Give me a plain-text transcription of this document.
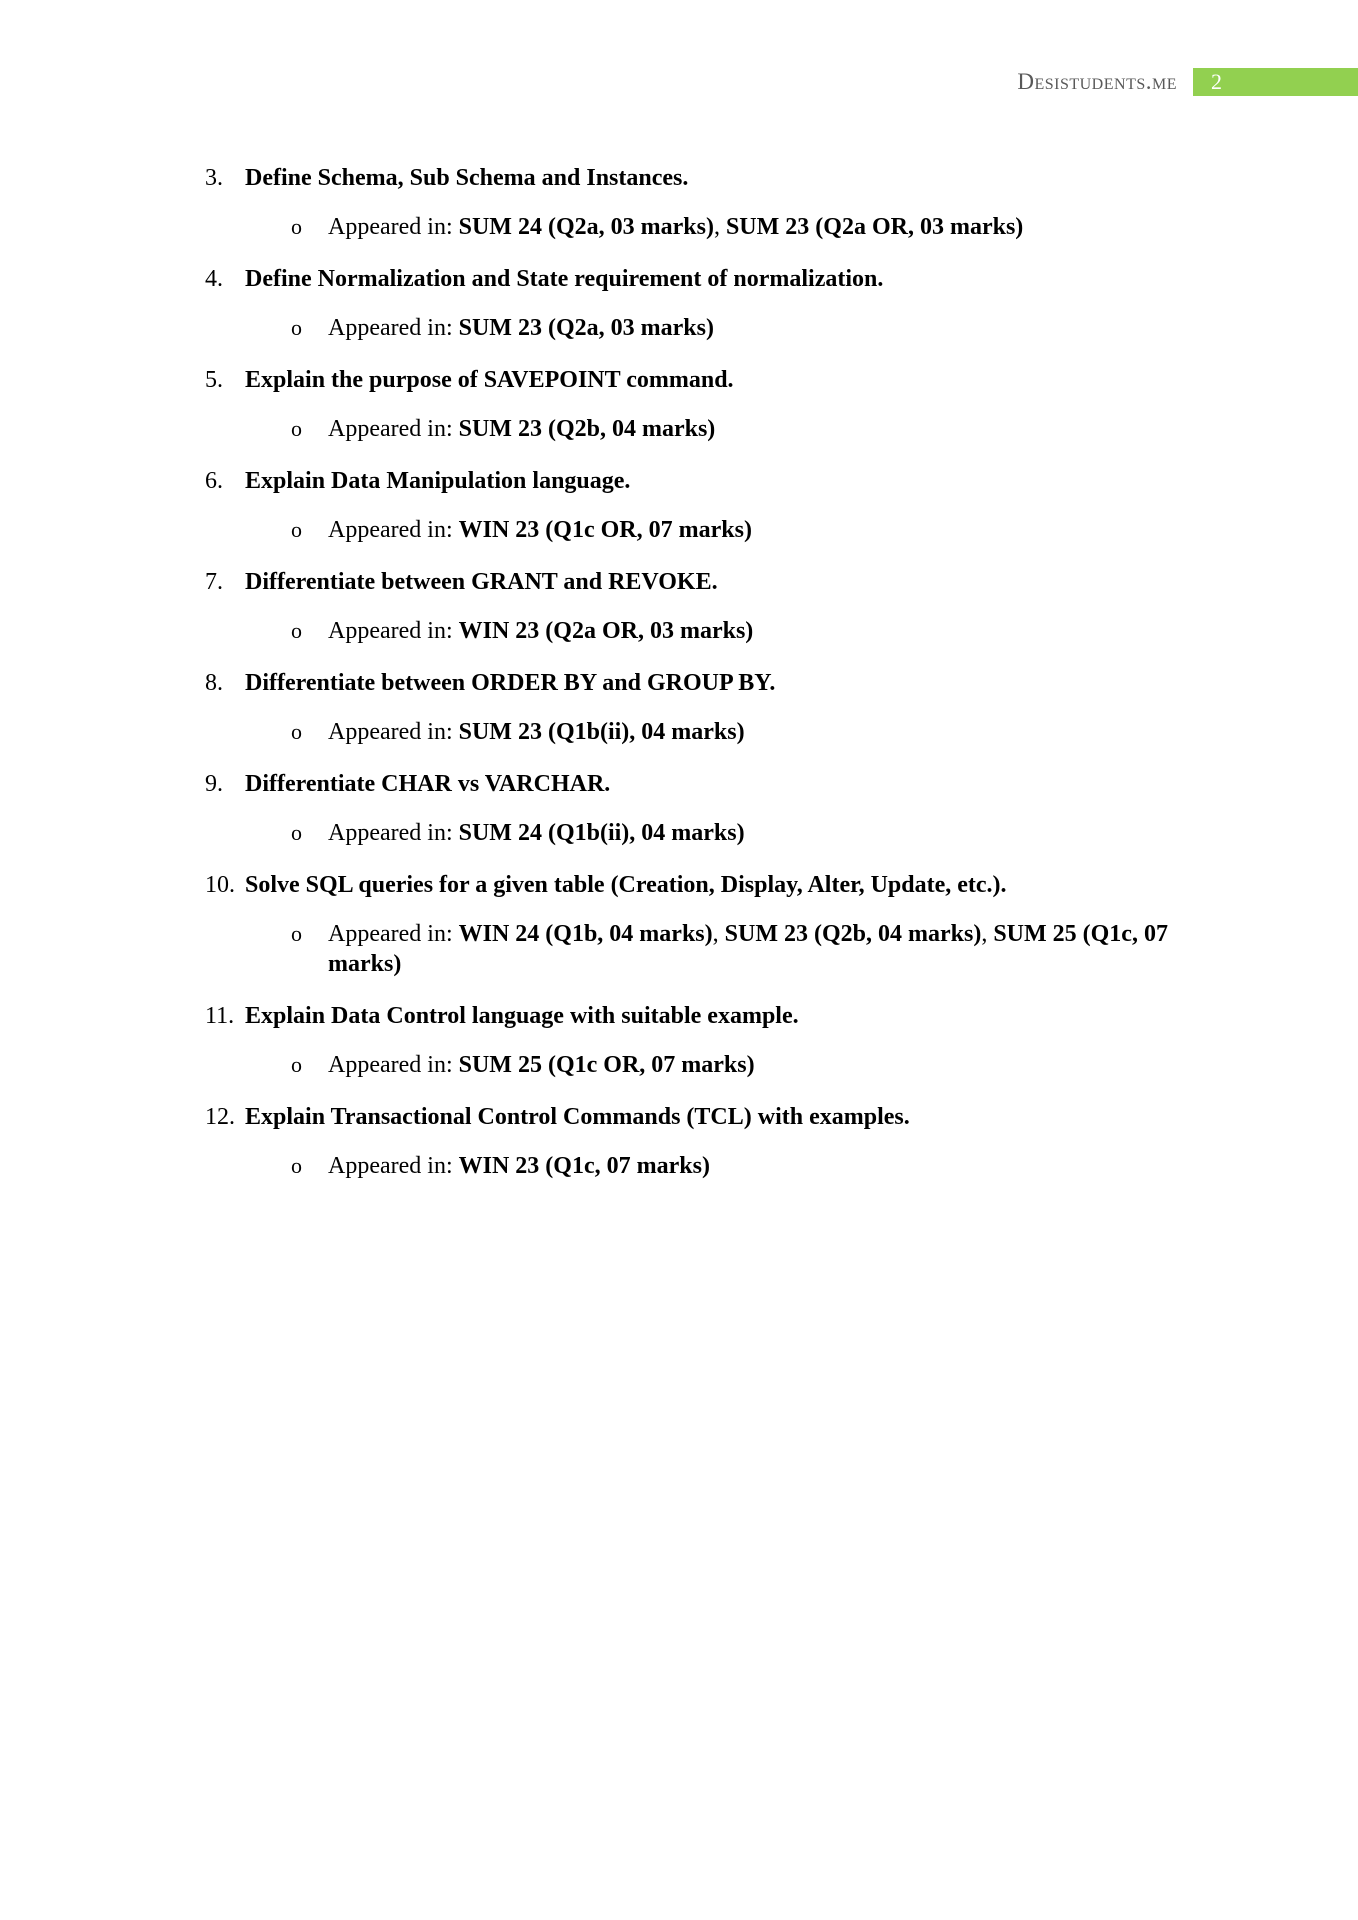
Desistudents.me	2
3. Define Schema, Sub Schema and Instances.
o Appeared in: SUM 24 (Q2a, 03 marks), SUM 23 (Q2a OR, 03 marks)
4. Define Normalization and State requirement of normalization.
o Appeared in: SUM 23 (Q2a, 03 marks)
5. Explain the purpose of SAVEPOINT command.
o Appeared in: SUM 23 (Q2b, 04 marks)
6. Explain Data Manipulation language.
o Appeared in: WIN 23 (Q1c OR, 07 marks)
7. Differentiate between GRANT and REVOKE.
o Appeared in: WIN 23 (Q2a OR, 03 marks)
8. Differentiate between ORDER BY and GROUP BY.
o Appeared in: SUM 23 (Q1b(ii), 04 marks)
9. Differentiate CHAR vs VARCHAR.
o Appeared in: SUM 24 (Q1b(ii), 04 marks)
10. Solve SQL queries for a given table (Creation, Display, Alter, Update, etc.).
o Appeared in: WIN 24 (Q1b, 04 marks), SUM 23 (Q2b, 04 marks), SUM 25 (Q1c, 07 marks)
11. Explain Data Control language with suitable example.
o Appeared in: SUM 25 (Q1c OR, 07 marks)
12. Explain Transactional Control Commands (TCL) with examples.
o Appeared in: WIN 23 (Q1c, 07 marks)
